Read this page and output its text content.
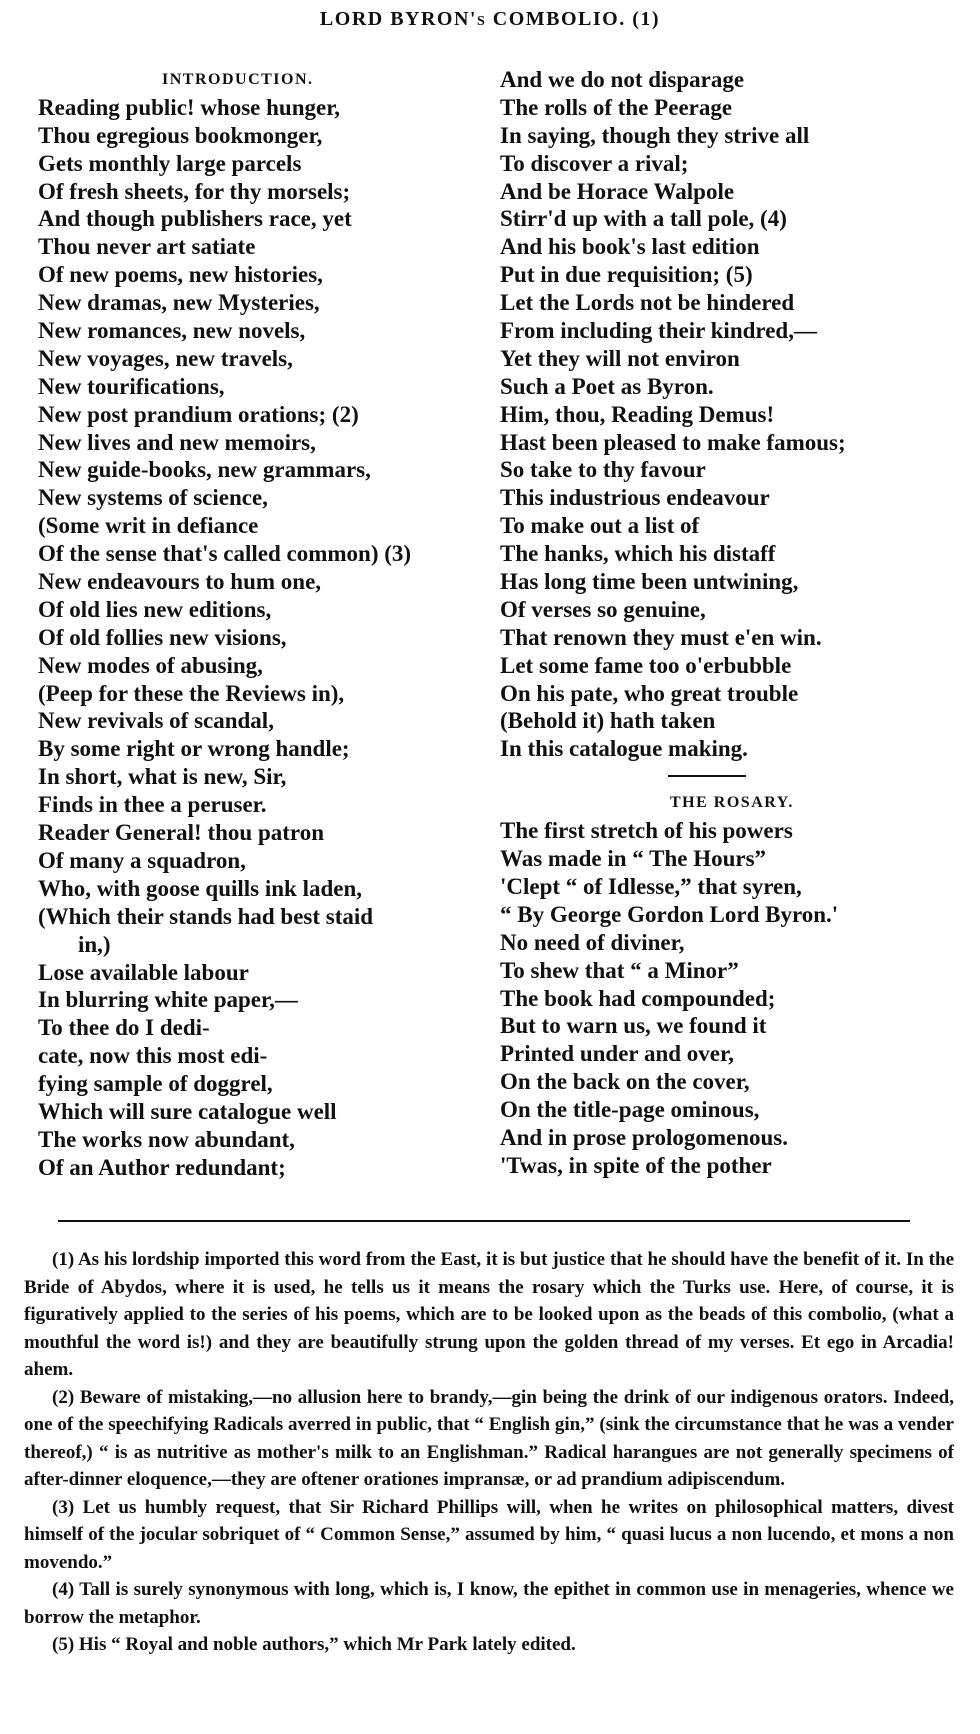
LORD BYRON's COMBOLIO. (1)
INTRODUCTION.
Reading public! whose hunger,
Thou egregious bookmonger,
Gets monthly large parcels
Of fresh sheets, for thy morsels;
And though publishers race, yet
Thou never art satiate
Of new poems, new histories,
New dramas, new Mysteries,
New romances, new novels,
New voyages, new travels,
New tourifications,
New post prandium orations; (2)
New lives and new memoirs,
New guide-books, new grammars,
New systems of science,
(Some writ in defiance
Of the sense that's called common) (3)
New endeavours to hum one,
Of old lies new editions,
Of old follies new visions,
New modes of abusing,
(Peep for these the Reviews in),
New revivals of scandal,
By some right or wrong handle;
In short, what is new, Sir,
Finds in thee a peruser.
Reader General! thou patron
Of many a squadron,
Who, with goose quills ink laden,
(Which their stands had best staid
in,)
Lose available labour
In blurring white paper,—
To thee do I dedi-
cate, now this most edi-
fying sample of doggrel,
Which will sure catalogue well
The works now abundant,
Of an Author redundant;
And we do not disparage
The rolls of the Peerage
In saying, though they strive all
To discover a rival;
And be Horace Walpole
Stirr'd up with a tall pole, (4)
And his book's last edition
Put in due requisition; (5)
Let the Lords not be hindered
From including their kindred,—
Yet they will not environ
Such a Poet as Byron.
Him, thou, Reading Demus!
Hast been pleased to make famous;
So take to thy favour
This industrious endeavour
To make out a list of
The hanks, which his distaff
Has long time been untwining,
Of verses so genuine,
That renown they must e'en win.
Let some fame too o'erbubble
On his pate, who great trouble
(Behold it) hath taken
In this catalogue making.
THE ROSARY.
The first stretch of his powers
Was made in “ The Hours”
'Clept “ of Idlesse,” that syren,
“ By George Gordon Lord Byron.'
No need of diviner,
To shew that “ a Minor”
The book had compounded;
But to warn us, we found it
Printed under and over,
On the back on the cover,
On the title-page ominous,
And in prose prologomenous.
'Twas, in spite of the pother

(1) As his lordship imported this word from the East, it is but justice that he should have the benefit of it. In the Bride of Abydos, where it is used, he tells us it means the rosary which the Turks use. Here, of course, it is figuratively applied to the series of his poems, which are to be looked upon as the beads of this combolio, (what a mouthful the word is!) and they are beautifully strung upon the golden thread of my verses. Et ego in Arcadia! ahem.

(2) Beware of mistaking,—no allusion here to brandy,—gin being the drink of our indigenous orators. Indeed, one of the speechifying Radicals averred in public, that “ English gin,” (sink the circumstance that he was a vender thereof,) “ is as nutritive as mother's milk to an Englishman.” Radical harangues are not generally specimens of after-dinner eloquence,—they are oftener orationes impransæ, or ad prandium adipiscendum.

(3) Let us humbly request, that Sir Richard Phillips will, when he writes on philosophical matters, divest himself of the jocular sobriquet of “ Common Sense,” assumed by him, “ quasi lucus a non lucendo, et mons a non movendo.”

(4) Tall is surely synonymous with long, which is, I know, the epithet in common use in menageries, whence we borrow the metaphor.

(5) His “ Royal and noble authors,” which Mr Park lately edited.
